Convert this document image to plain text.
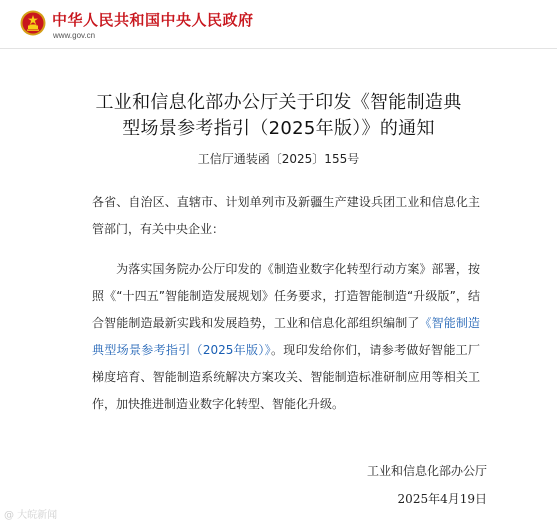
中华人民共和国中央人民政府
www.gov.cn
工业和信息化部办公厅关于印发《智能制造典
型场景参考指引（2025年版）》的通知
工信厅通装函〔2025〕155号
各省、自治区、直辖市、计划单列市及新疆生产建设兵团工业和信息化主管部门，有关中央企业：
为落实国务院办公厅印发的《制造业数字化转型行动方案》部署，按照《“十四五”智能制造发展规划》任务要求，打造智能制造“升级版”，结合智能制造最新实践和发展趋势，工业和信息化部组织编制了《智能制造典型场景参考指引（2025年版）》。现印发给你们，请参考做好智能工厂梯度培育、智能制造系统解决方案攻关、智能制造标准研制应用等相关工作，加快推进制造业数字化转型、智能化升级。
工业和信息化部办公厅
2025年4月19日
@ 大皖新闻
